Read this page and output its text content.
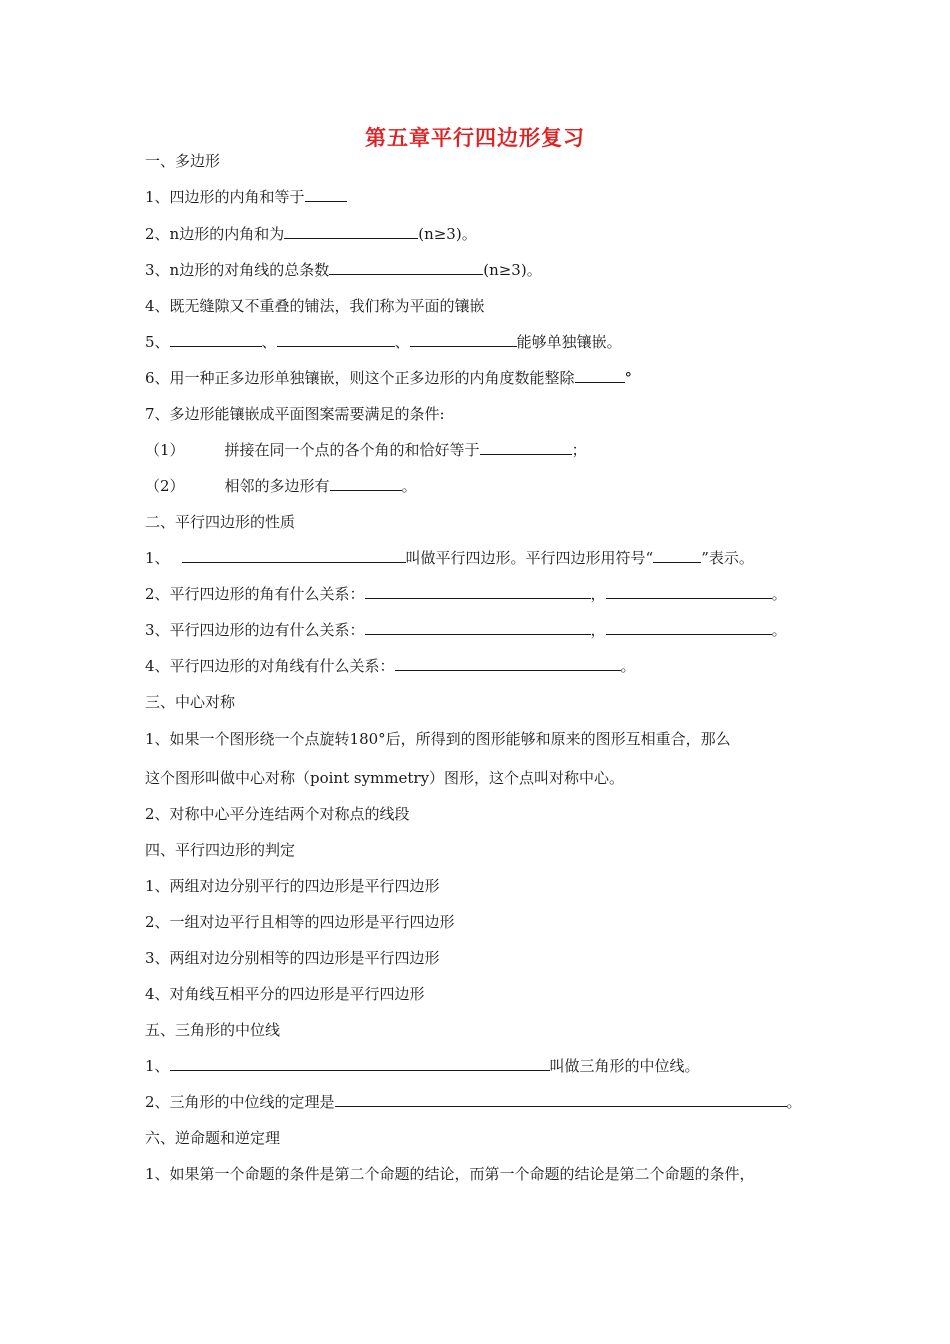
第五章平行四边形复习
一、多边形
1、四边形的内角和等于
2、n边形的内角和为	(n≥3)。
3、n边形的对角线的总条数	(n≥3)。
4、既无缝隙又不重叠的铺法，我们称为平面的镶嵌
5、	、	、	能够单独镶嵌。
6、用一种正多边形单独镶嵌，则这个正多边形的内角度数能整除	°
7、多边形能镶嵌成平面图案需要满足的条件:
（1）	拼接在同一个点的各个角的和恰好等于	；
（2）	相邻的多边形有	。
二、平行四边形的性质
1、	叫做平行四边形。平行四边形用符号“	”表示。
2、平行四边形的角有什么关系：	，	。
3、平行四边形的边有什么关系：	，	。
4、平行四边形的对角线有什么关系：	。
三、中心对称
1、如果一个图形绕一个点旋转180°后，所得到的图形能够和原来的图形互相重合，那么
这个图形叫做中心对称（point symmetry）图形，这个点叫对称中心。
2、对称中心平分连结两个对称点的线段
四、平行四边形的判定
1、两组对边分别平行的四边形是平行四边形
2、一组对边平行且相等的四边形是平行四边形
3、两组对边分别相等的四边形是平行四边形
4、对角线互相平分的四边形是平行四边形
五、三角形的中位线
1、	叫做三角形的中位线。
2、三角形的中位线的定理是	。
六、逆命题和逆定理
1、如果第一个命题的条件是第二个命题的结论，而第一个命题的结论是第二个命题的条件，
